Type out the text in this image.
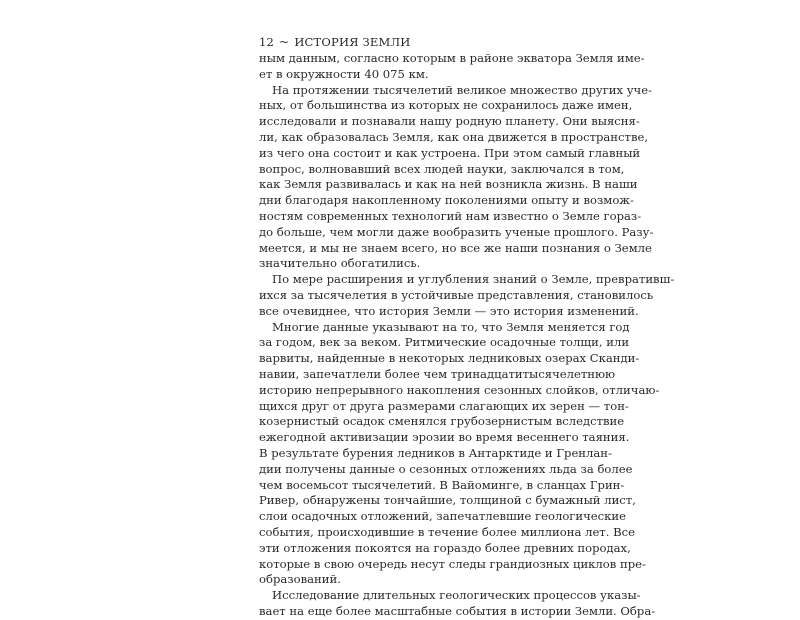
12 ~ ИСТОРИЯ ЗЕМЛИ
ным данным, согласно которым в районе экватора Земля име-
ет в окружности 40 075 км.
На протяжении тысячелетий великое множество других уче-
ных, от большинства из которых не сохранилось даже имен,
исследовали и познавали нашу родную планету. Они выясня-
ли, как образовалась Земля, как она движется в пространстве,
из чего она состоит и как устроена. При этом самый главный
вопрос, волновавший всех людей науки, заключался в том,
как Земля развивалась и как на ней возникла жизнь. В наши
дни благодаря накопленному поколениями опыту и возмож-
ностям современных технологий нам известно о Земле гораз-
до больше, чем могли даже вообразить ученые прошлого. Разу-
меется, и мы не знаем всего, но все же наши познания о Земле
значительно обогатились.
По мере расширения и углубления знаний о Земле, превративш-
ихся за тысячелетия в устойчивые представления, становилось
все очевиднее, что история Земли — это история изменений.
Многие данные указывают на то, что Земля меняется год
за годом, век за веком. Ритмические осадочные толщи, или
варвиты, найденные в некоторых ледниковых озерах Сканди-
навии, запечатлели более чем тринадцатитысячелетнюю
историю непрерывного накопления сезонных слойков, отличаю-
щихся друг от друга размерами слагающих их зерен — тон-
козернистый осадок сменялся грубозернистым вследствие
ежегодной активизации эрозии во время весеннего таяния.
В результате бурения ледников в Антарктиде и Гренлан-
дии получены данные о сезонных отложениях льда за более
чем восемьсот тысячелетий. В Вайоминге, в сланцах Грин-
Ривер, обнаружены тончайшие, толщиной с бумажный лист,
слои осадочных отложений, запечатлевшие геологические
события, происходившие в течение более миллиона лет. Все
эти отложения покоятся на гораздо более древних породах,
которые в свою очередь несут следы грандиозных циклов пре-
образований.
Исследование длительных геологических процессов указы-
вает на еще более масштабные события в истории Земли. Обра-
